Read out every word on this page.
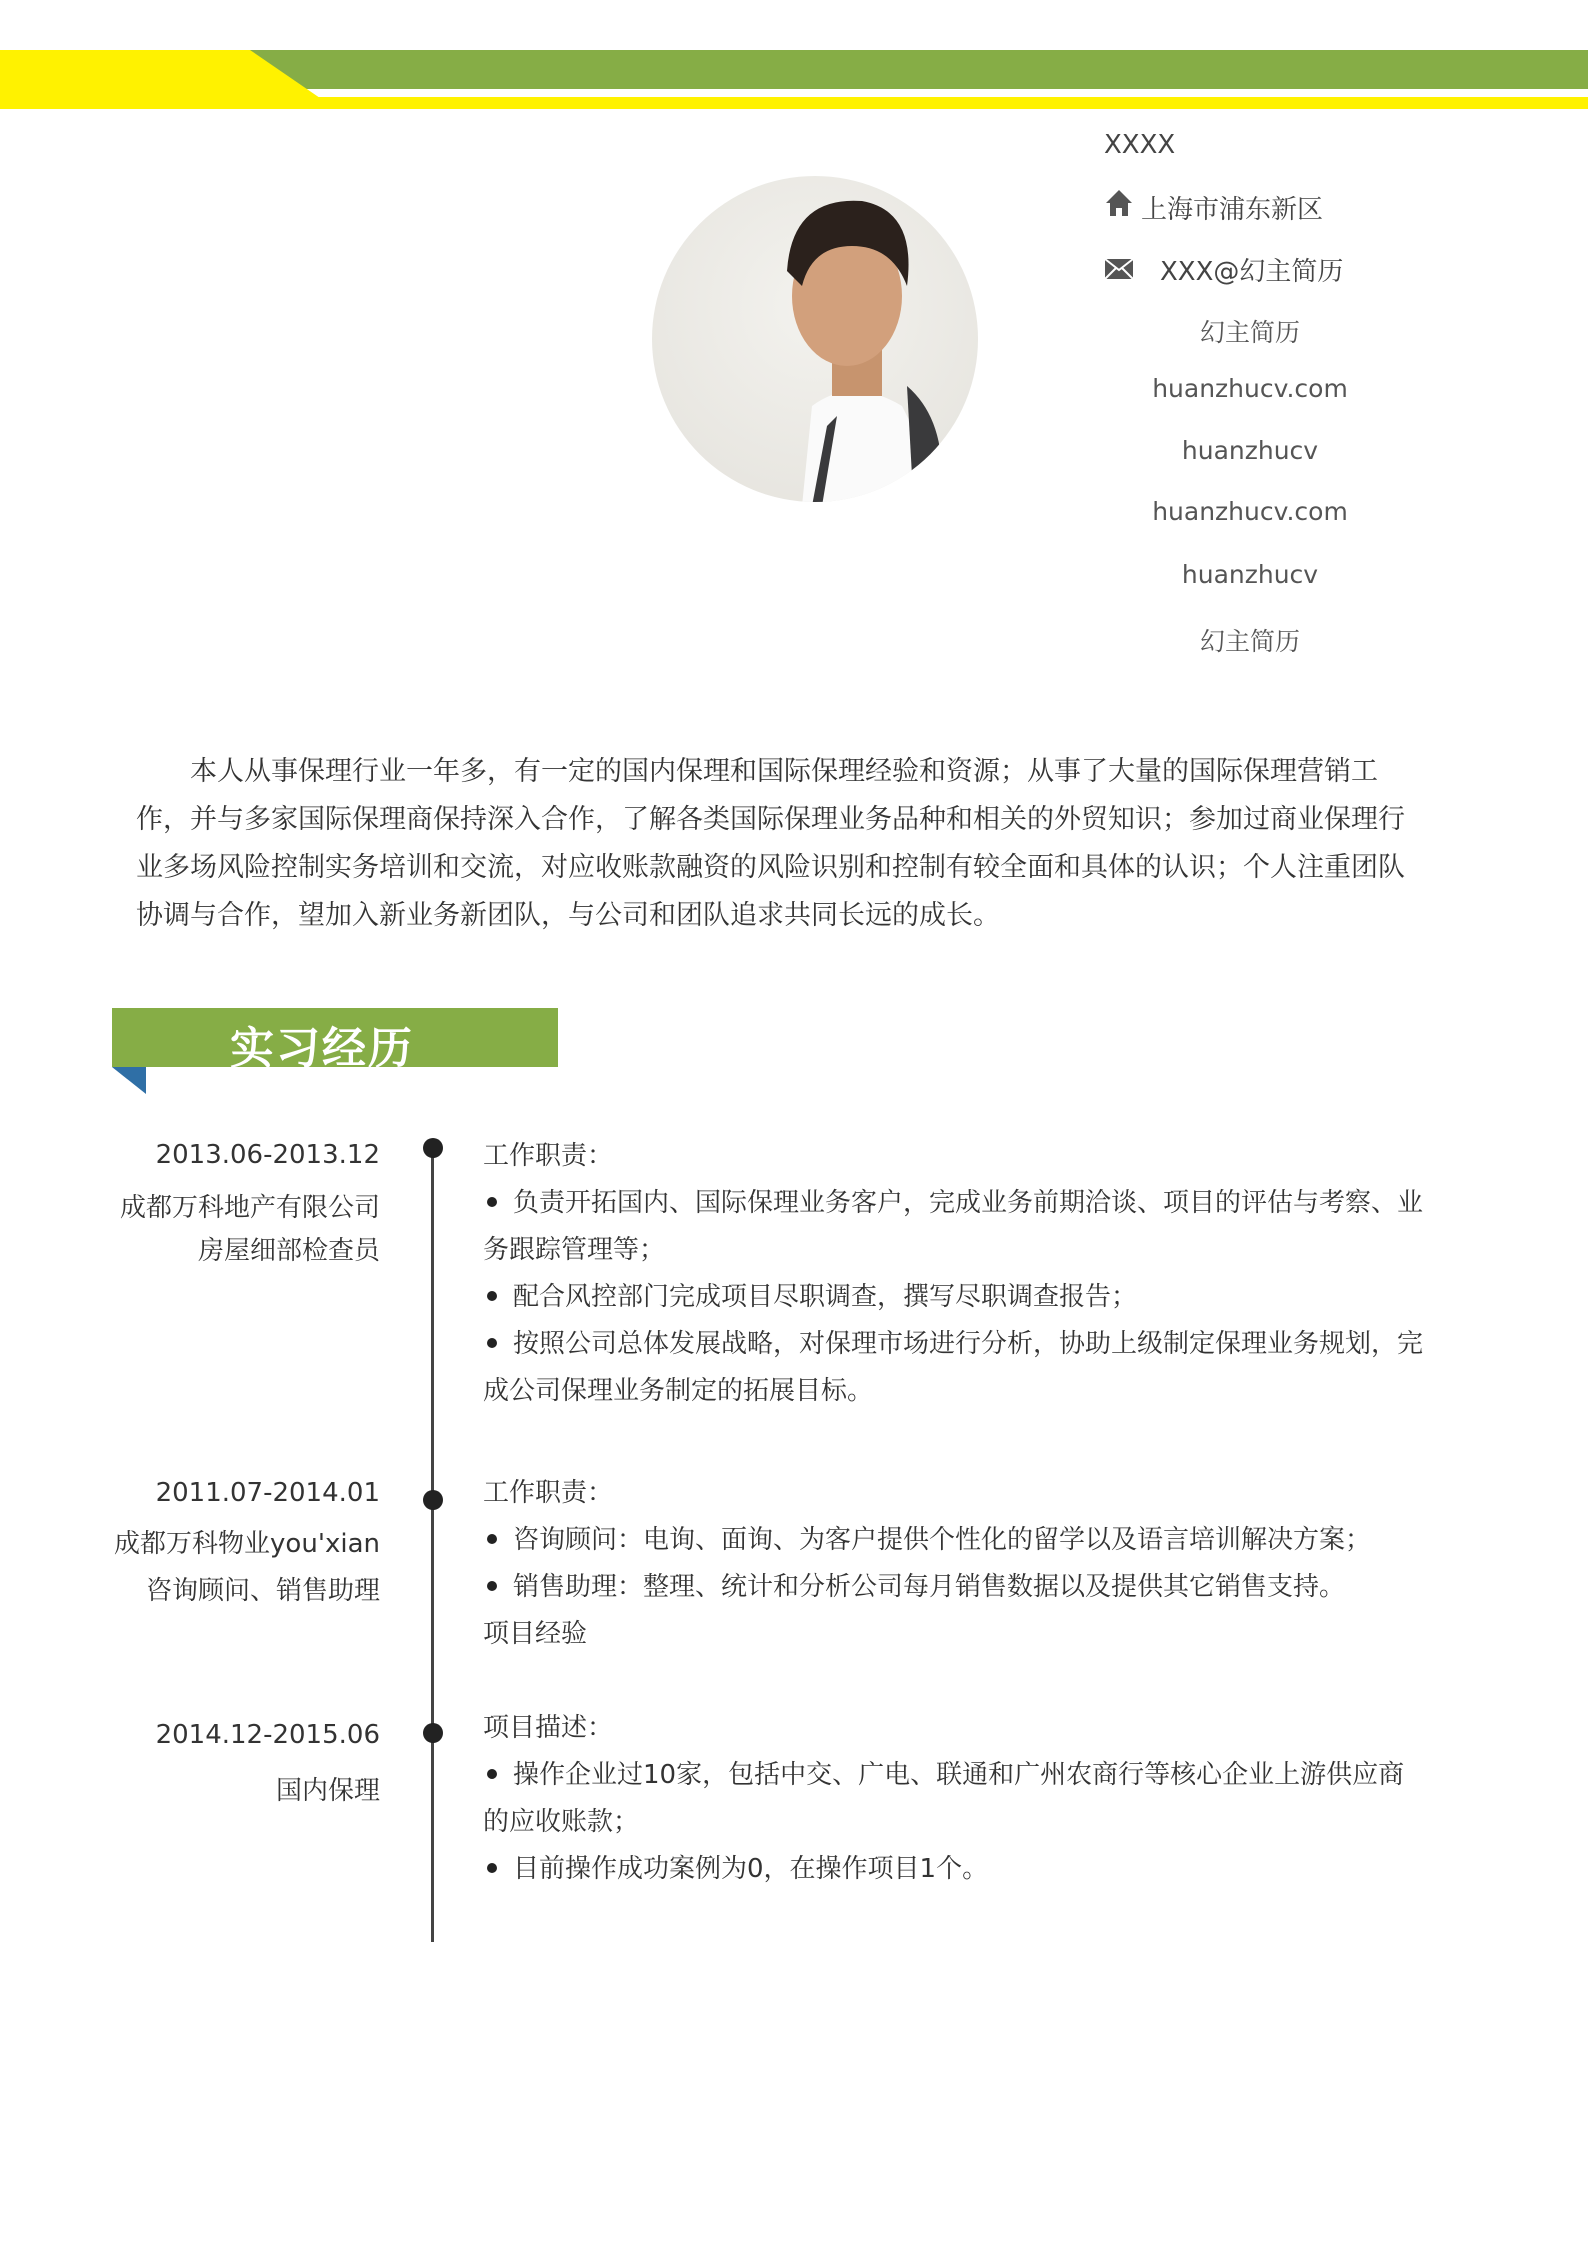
XXXX
上海市浦东新区
XXX@幻主简历
幻主简历
huanzhucv.com
huanzhucv
huanzhucv.com
huanzhucv
幻主简历
本人从事保理行业一年多，有一定的国内保理和国际保理经验和资源；从事了大量的国际保理营销工作，并与多家国际保理商保持深入合作，了解各类国际保理业务品种和相关的外贸知识；参加过商业保理行业多场风险控制实务培训和交流，对应收账款融资的风险识别和控制有较全面和具体的认识；个人注重团队协调与合作，望加入新业务新团队，与公司和团队追求共同长远的成长。
实习经历
2013.06-2013.12
成都万科地产有限公司
房屋细部检查员
工作职责：
负责开拓国内、国际保理业务客户，完成业务前期洽谈、项目的评估与考察、业务跟踪管理等；
配合风控部门完成项目尽职调查，撰写尽职调查报告；
按照公司总体发展战略，对保理市场进行分析，协助上级制定保理业务规划，完成公司保理业务制定的拓展目标。
2011.07-2014.01
成都万科物业you'xian
咨询顾问、销售助理
工作职责：
咨询顾问：电询、面询、为客户提供个性化的留学以及语言培训解决方案；
销售助理：整理、统计和分析公司每月销售数据以及提供其它销售支持。
项目经验
2014.12-2015.06
国内保理
项目描述：
操作企业过10家，包括中交、广电、联通和广州农商行等核心企业上游供应商的应收账款；
目前操作成功案例为0，在操作项目1个。
